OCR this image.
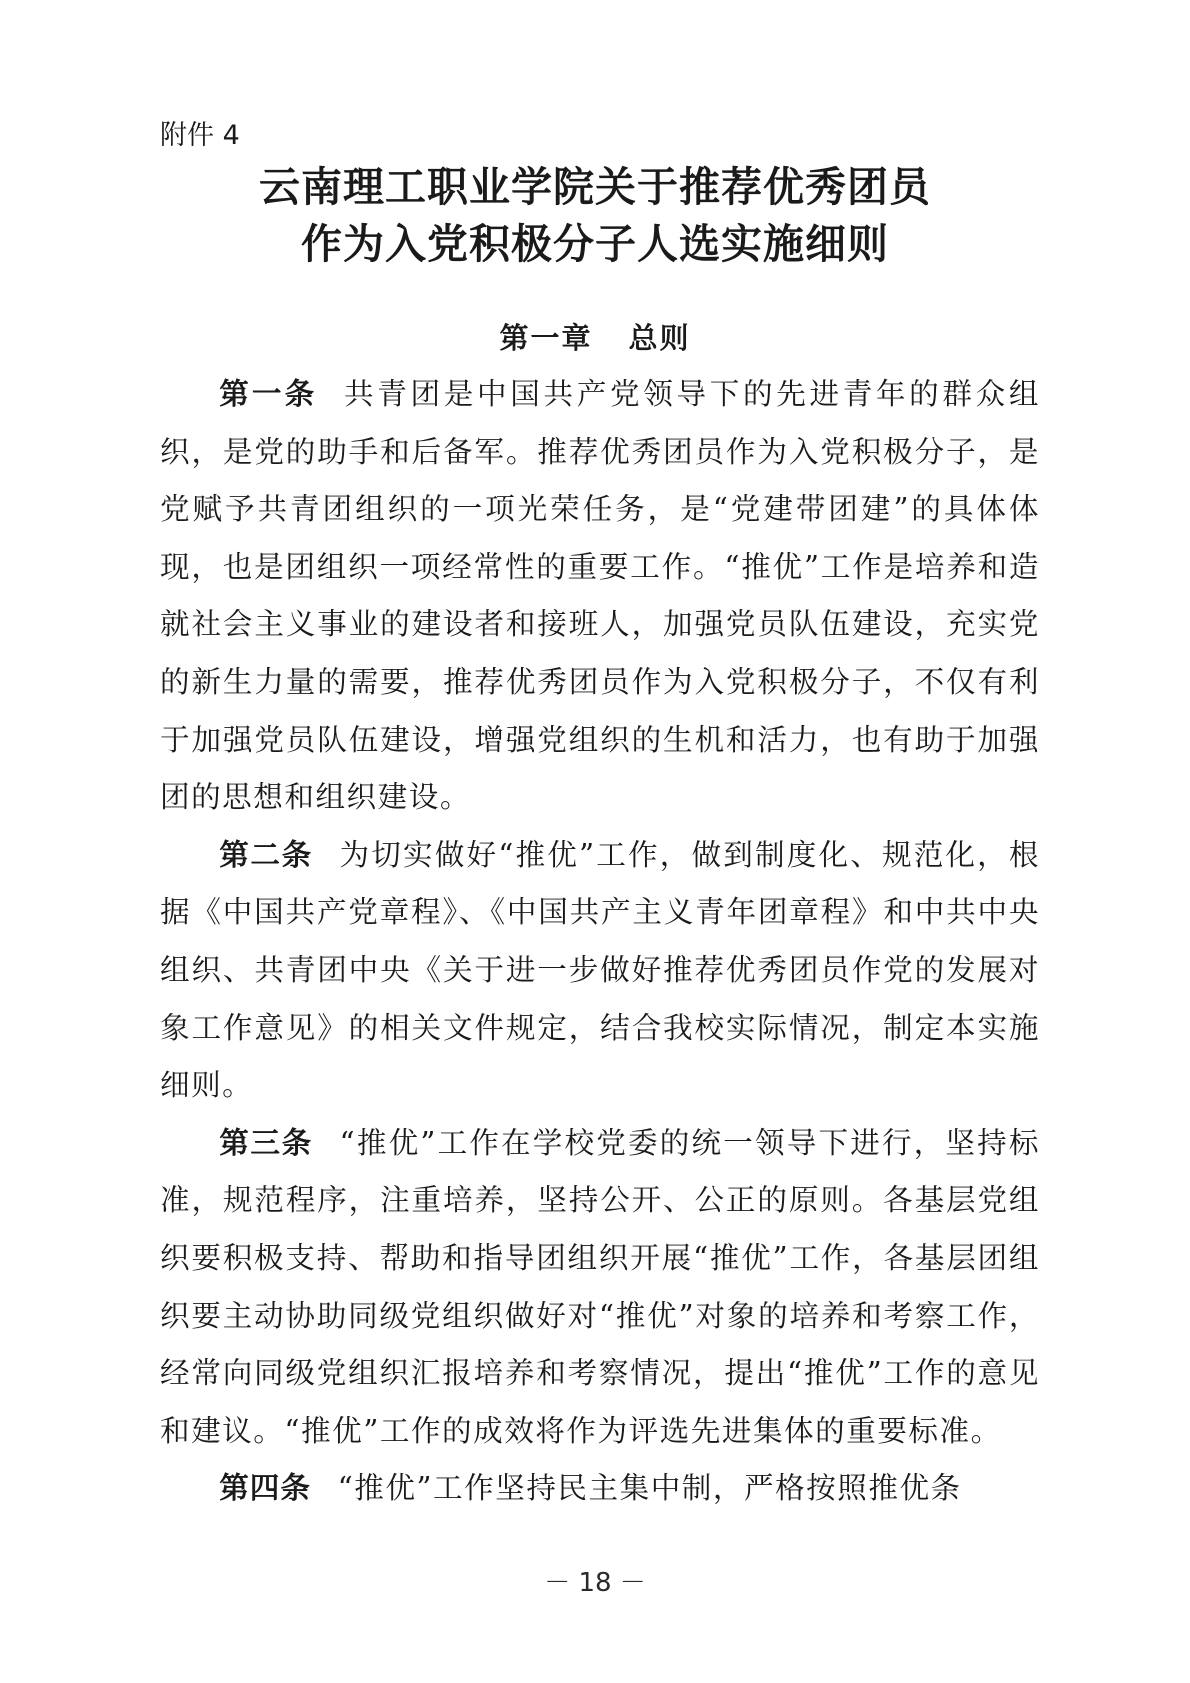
附件 4
云南理工职业学院关于推荐优秀团员
作为入党积极分子人选实施细则
第一章 总则

第一条 共青团是中国共产党领导下的先进青年的群众组织，是党的助手和后备军。推荐优秀团员作为入党积极分子，是党赋予共青团组织的一项光荣任务，是“党建带团建”的具体体现，也是团组织一项经常性的重要工作。“推优”工作是培养和造就社会主义事业的建设者和接班人，加强党员队伍建设，充实党的新生力量的需要，推荐优秀团员作为入党积极分子，不仅有利于加强党员队伍建设，增强党组织的生机和活力，也有助于加强团的思想和组织建设。

第二条 为切实做好“推优”工作，做到制度化、规范化，根据《中国共产党章程》、《中国共产主义青年团章程》和中共中央组织、共青团中央《关于进一步做好推荐优秀团员作党的发展对象工作意见》的相关文件规定，结合我校实际情况，制定本实施细则。

第三条 “推优”工作在学校党委的统一领导下进行，坚持标准，规范程序，注重培养，坚持公开、公正的原则。各基层党组织要积极支持、帮助和指导团组织开展“推优”工作，各基层团组织要主动协助同级党组织做好对“推优”对象的培养和考察工作，经常向同级党组织汇报培养和考察情况，提出“推优”工作的意见和建议。“推优”工作的成效将作为评选先进集体的重要标准。

第四条 “推优”工作坚持民主集中制，严格按照推优条

－ 18 －
